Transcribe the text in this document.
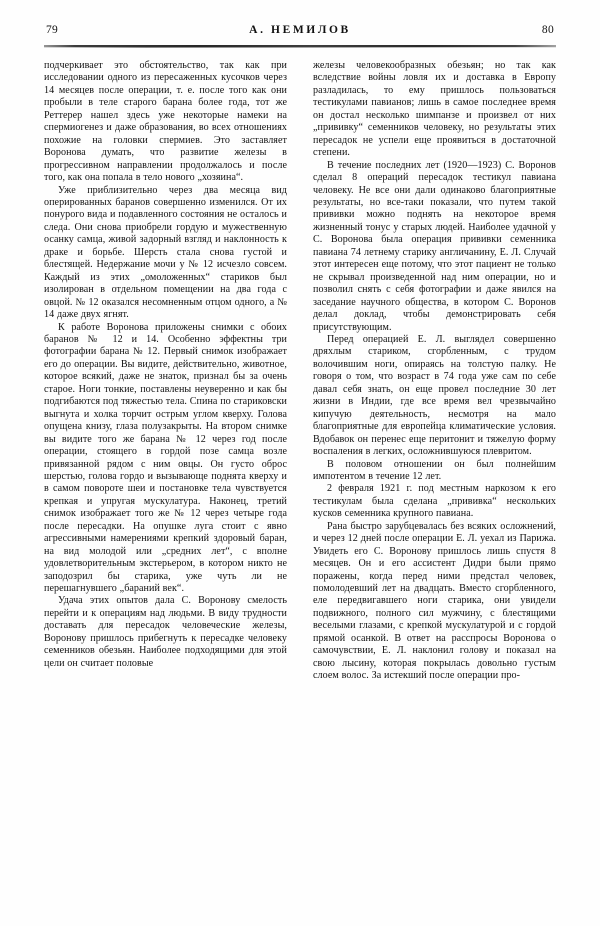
79	А. НЕМИЛОВ	80

подчеркивает это обстоятельство, так как при исследовании одного из пересаженных кусочков через 14 месяцев после операции, т. е. после того как они пробыли в теле старого барана более года, тот же Реттерер нашел здесь уже некоторые намеки на спермиогенез и даже образования, во всех отношениях похожие на головки спермиев. Это заставляет Воронова думать, что развитие железы в прогрессивном направлении продолжалось и после того, как она попала в тело нового „хозяина“.

Уже приблизительно через два месяца вид оперированных баранов совершенно изменился. От их понурого вида и подавленного состояния не осталось и следа. Они снова приобрели гордую и мужественную осанку самца, живой задорный взгляд и наклонность к драке и борьбе. Шерсть стала снова густой и блестящей. Недержание мочи у № 12 исчезло совсем. Каждый из этих „омоложенных“ стариков был изолирован в отдельном помещении на два года с овцой. № 12 оказался несомненным отцом одного, а № 14 даже двух ягнят.

К работе Воронова приложены снимки с обоих баранов № 12 и 14. Особенно эффектны три фотографии барана № 12. Первый снимок изображает его до операции. Вы видите, действительно, животное, которое всякий, даже не знаток, признал бы за очень старое. Ноги тонкие, поставлены неуверенно и как бы подгибаются под тяжестью тела. Спина по стариковски выгнута и холка торчит острым углом кверху. Голова опущена книзу, глаза полузакрыты. На втором снимке вы видите того же барана № 12 через год после операции, стоящего в гордой позе самца возле привязанной рядом с ним овцы. Он густо оброс шерстью, голова гордо и вызывающе поднята кверху и в самом повороте шеи и постановке тела чувствуется крепкая и упругая мускулатура. Наконец, третий снимок изображает того же № 12 через четыре года после пересадки. На опушке луга стоит с явно агрессивными намерениями крепкий здоровый баран, на вид молодой или „средних лет“, с вполне удовлетворительным экстерьером, в котором никто не заподозрил бы старика, уже чуть ли не перешагнувшего „бараний век“.

Удача этих опытов дала С. Воронову смелость перейти и к операциям над людьми. В виду трудности доставать для пересадок человеческие железы, Воронову пришлось прибегнуть к пересадке человеку семенников обезьян. Наиболее подходящими для этой цели он считает половые

железы человекообразных обезьян; но так как вследствие войны ловля их и доставка в Европу разладилась, то ему пришлось пользоваться тестикулами павианов; лишь в самое последнее время он достал несколько шимпанзе и произвел от них „прививку“ семенников человеку, но результаты этих пересадок не успели еще проявиться в достаточной степени.

В течение последних лет (1920—1923) С. Воронов сделал 8 операций пересадок тестикул павиана человеку. Не все они дали одинаково благоприятные результаты, но все-таки показали, что путем такой прививки можно поднять на некоторое время жизненный тонус у старых людей. Наиболее удачной у С. Воронова была операция прививки семенника павиана 74 летнему старику англичанину, Е. Л. Случай этот интересен еще потому, что этот пациент не только не скрывал произведенной над ним операции, но и позволил снять с себя фотографии и даже явился на заседание научного общества, в котором С. Воронов делал доклад, чтобы демонстрировать себя присутствующим.

Перед операцией Е. Л. выглядел совершенно дряхлым стариком, сгорбленным, с трудом волочившим ноги, опираясь на толстую палку. Не говоря о том, что возраст в 74 года уже сам по себе давал себя знать, он еще провел последние 30 лет жизни в Индии, где все время вел чрезвычайно кипучую деятельность, несмотря на мало благоприятные для европейца климатические условия. Вдобавок он перенес еще перитонит и тяжелую форму воспаления в легких, осложнившуюся плевритом.

В половом отношении он был полнейшим импотентом в течение 12 лет.

2 февраля 1921 г. под местным наркозом к его тестикулам была сделана „прививка“ нескольких кусков семенника крупного павиана.

Рана быстро зарубцевалась без всяких осложнений, и через 12 дней после операции Е. Л. уехал из Парижа. Увидеть его С. Воронову пришлось лишь спустя 8 месяцев. Он и его ассистент Дидри были прямо поражены, когда перед ними предстал человек, помолодевший лет на двадцать. Вместо сгорбленного, еле передвигавшего ноги старика, они увидели подвижного, полного сил мужчину, с блестящими веселыми глазами, с крепкой мускулатурой и с гордой прямой осанкой. В ответ на расспросы Воронова о самочувствии, Е. Л. наклонил голову и показал на свою лысину, которая покрылась довольно густым слоем волос. За истекший после операции про-
